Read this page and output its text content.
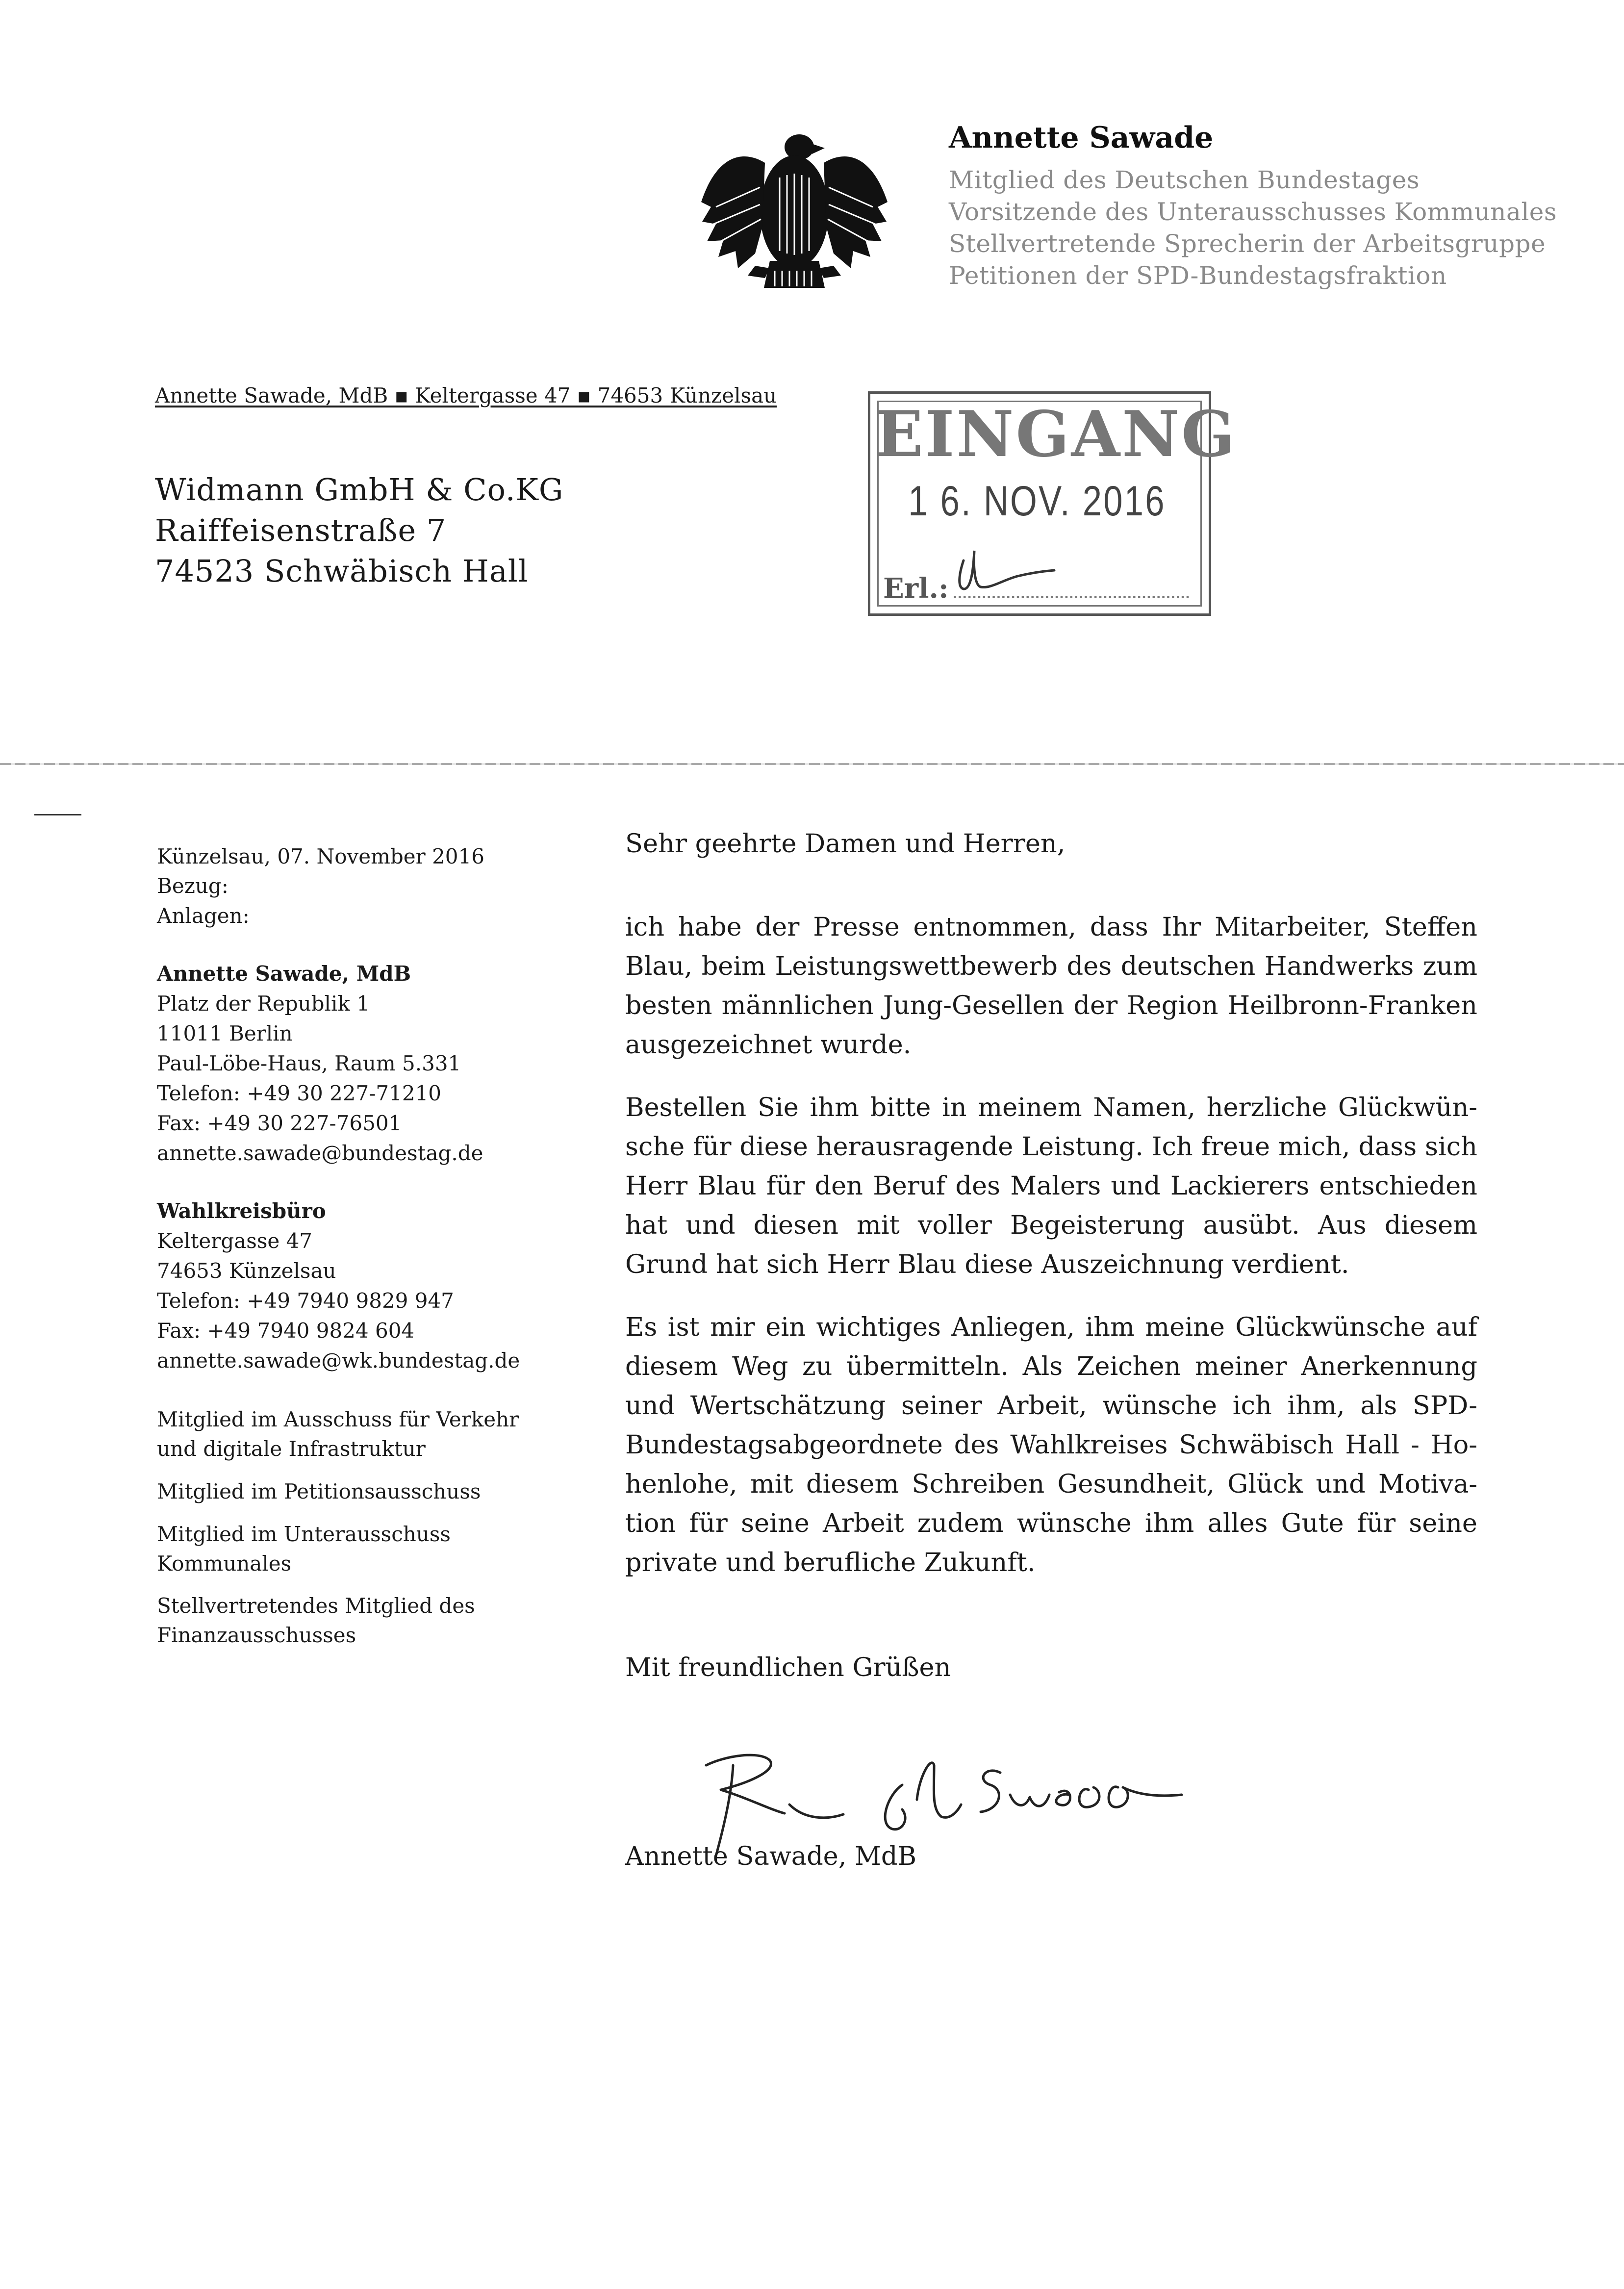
Annette Sawade
Mitglied des Deutschen Bundestages
Vorsitzende des Unterausschusses Kommunales
Stellvertretende Sprecherin der Arbeitsgruppe
Petitionen der SPD-Bundestagsfraktion
Annette Sawade, MdB ▪ Keltergasse 47 ▪ 74653 Künzelsau
Widmann GmbH & Co.KG
Raiffeisenstraße 7
74523 Schwäbisch Hall
EINGANG
1 6. NOV. 2016
Erl.:
Künzelsau, 07. November 2016
Bezug:
Anlagen:
Annette Sawade, MdB
Platz der Republik 1
11011 Berlin
Paul-Löbe-Haus, Raum 5.331
Telefon: +49 30 227-71210
Fax: +49 30 227-76501
annette.sawade@bundestag.de
Wahlkreisbüro
Keltergasse 47
74653 Künzelsau
Telefon: +49 7940 9829 947
Fax: +49 7940 9824 604
annette.sawade@wk.bundestag.de
Mitglied im Ausschuss für Verkehr
und digitale Infrastruktur
Mitglied im Petitionsausschuss
Mitglied im Unterausschuss
Kommunales
Stellvertretendes Mitglied des
Finanzausschusses
Sehr geehrte Damen und Herren,
ich habe der Presse entnommen, dass Ihr Mitarbeiter, Steffen
Blau, beim Leistungswettbewerb des deutschen Handwerks zum
besten männlichen Jung-Gesellen der Region Heilbronn-Franken
ausgezeichnet wurde.
Bestellen Sie ihm bitte in meinem Namen, herzliche Glückwün-
sche für diese herausragende Leistung. Ich freue mich, dass sich
Herr Blau für den Beruf des Malers und Lackierers entschieden
hat und diesen mit voller Begeisterung ausübt. Aus diesem
Grund hat sich Herr Blau diese Auszeichnung verdient.
Es ist mir ein wichtiges Anliegen, ihm meine Glückwünsche auf
diesem Weg zu übermitteln. Als Zeichen meiner Anerkennung
und Wertschätzung seiner Arbeit, wünsche ich ihm, als SPD-
Bundestagsabgeordnete des Wahlkreises Schwäbisch Hall - Ho-
henlohe, mit diesem Schreiben Gesundheit, Glück und Motiva-
tion für seine Arbeit zudem wünsche ihm alles Gute für seine
private und berufliche Zukunft.
Mit freundlichen Grüßen
Annette Sawade, MdB
